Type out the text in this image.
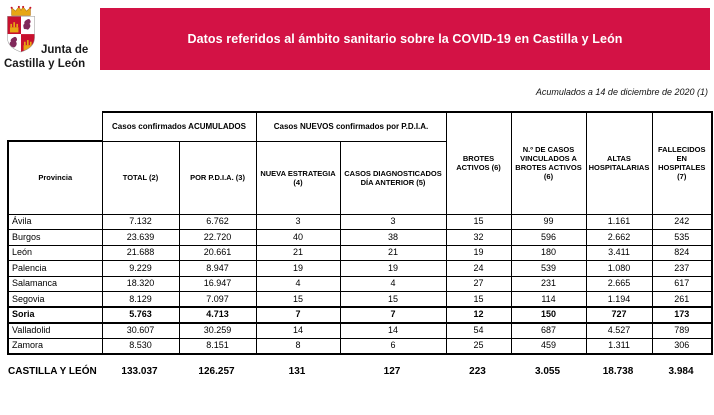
Junta de
Castilla y León
Datos referidos al ámbito sanitario sobre la COVID-19 en Castilla y León
Acumulados a 14 de diciembre de 2020 (1)
	Casos confirmados ACUMULADOS		Casos NUEVOS confirmados por P.D.I.A.		BROTES ACTIVOS (6)	N.º DE CASOS VINCULADOS A BROTES ACTIVOS (6)	ALTAS HOSPITALARIAS	FALLECIDOS EN HOSPITALES (7)
Provincia	TOTAL (2)	POR P.D.I.A. (3)	NUEVA ESTRATEGIA (4)	CASOS DIAGNOSTICADOS DÍA ANTERIOR (5)				
Ávila	7.132	6.762	3	3	15	99	1.161	242
Burgos	23.639	22.720	40	38	32	596	2.662	535
León	21.688	20.661	21	21	19	180	3.411	824
Palencia	9.229	8.947	19	19	24	539	1.080	237
Salamanca	18.320	16.947	4	4	27	231	2.665	617
Segovia	8.129	7.097	15	15	15	114	1.194	261
Soria	5.763	4.713	7	7	12	150	727	173
Valladolid	30.607	30.259	14	14	54	687	4.527	789
Zamora	8.530	8.151	8	6	25	459	1.311	306
CASTILLA Y LEÓN	133.037	126.257	131	127	223	3.055	18.738	3.984
